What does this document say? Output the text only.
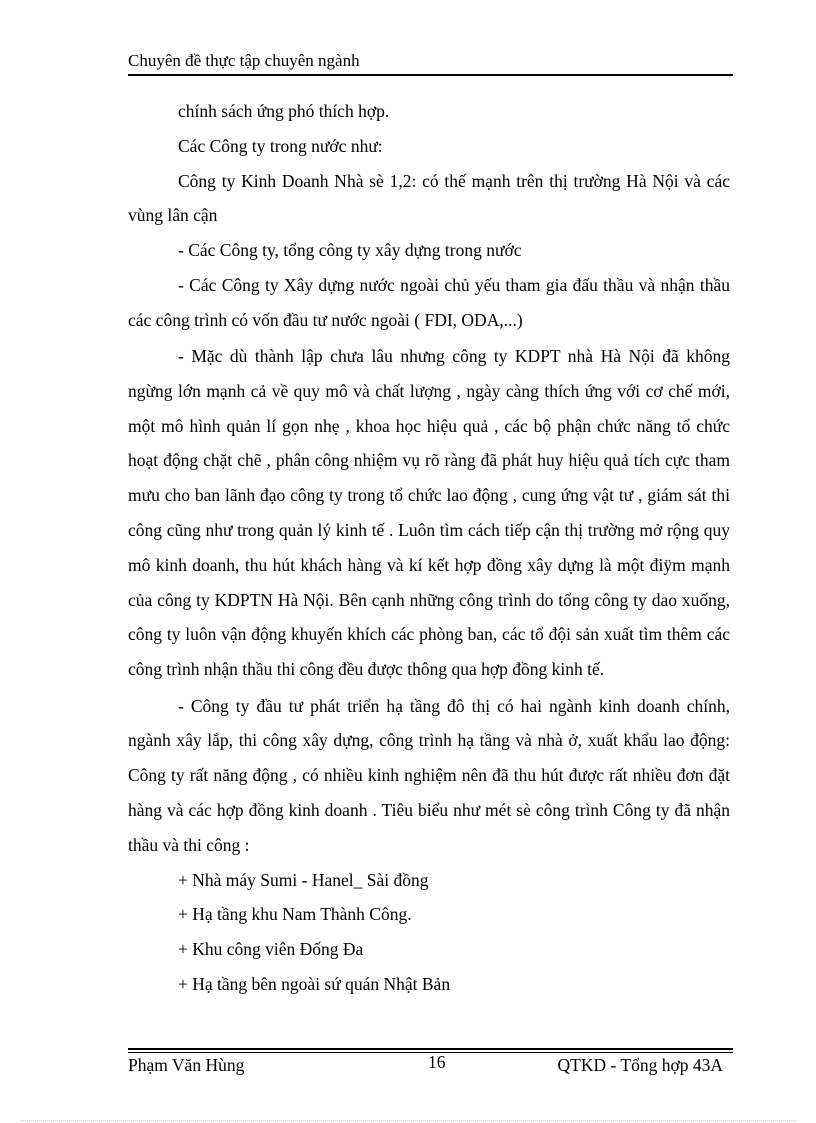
Chuyên đề thực tập chuyên ngành

chính sách ứng phó thích hợp.

Các Công ty trong nước như:

Công ty Kinh Doanh Nhà sè 1,2: có thế mạnh trên thị trường Hà Nội và các vùng lân cận

- Các Công ty, tổng công ty xây dựng trong nước

- Các Công ty Xây dựng nước ngoài chủ yếu tham gia đấu thầu và nhận thầu các công trình có vốn đầu tư nước ngoài ( FDI, ODA,...)

- Mặc dù thành lập chưa lâu nhưng công ty KDPT nhà Hà Nội đã không ngừng lớn mạnh cả về quy mô và chất lượng , ngày càng thích ứng với cơ chế mới, một mô hình quản lí gọn nhẹ , khoa học hiệu quả , các bộ phận chức năng tổ chức hoạt động chặt chẽ , phân công nhiệm vụ rõ ràng đã phát huy hiệu quả tích cực tham mưu cho ban lãnh đạo công ty trong tổ chức lao động , cung ứng vật tư , giám sát thi công cũng như trong quản lý kinh tế . Luôn tìm cách tiếp cận thị trường mở rộng quy mô kinh doanh, thu hút khách hàng và kí kết hợp đồng xây dựng là một điÿm mạnh của công ty KDPTN Hà Nội. Bên cạnh những công trình do tổng công ty dao xuống, công ty luôn vận động khuyến khích các phòng ban, các tổ đội sản xuất tìm thêm các công trình nhận thầu thi công đều được thông qua hợp đồng kinh tế.

- Công ty đầu tư phát triển hạ tầng đô thị có hai ngành kinh doanh chính, ngành xây lắp, thi công xây dựng, công trình hạ tầng và nhà ở, xuất khẩu lao động: Công ty rất năng động , có nhiều kinh nghiệm nên đã thu hút được rất nhiều đơn đặt hàng và các hợp đồng kinh doanh . Tiêu biểu như mét sè công trình Công ty đã nhận thầu và thi công :

+ Nhà máy Sumi - Hanel_ Sài đồng

+ Hạ tầng khu Nam Thành Công.

+ Khu công viên Đống Đa

+ Hạ tầng bên ngoài sứ quán Nhật Bản

Phạm Văn Hùng	16	QTKD - Tổng hợp 43A
